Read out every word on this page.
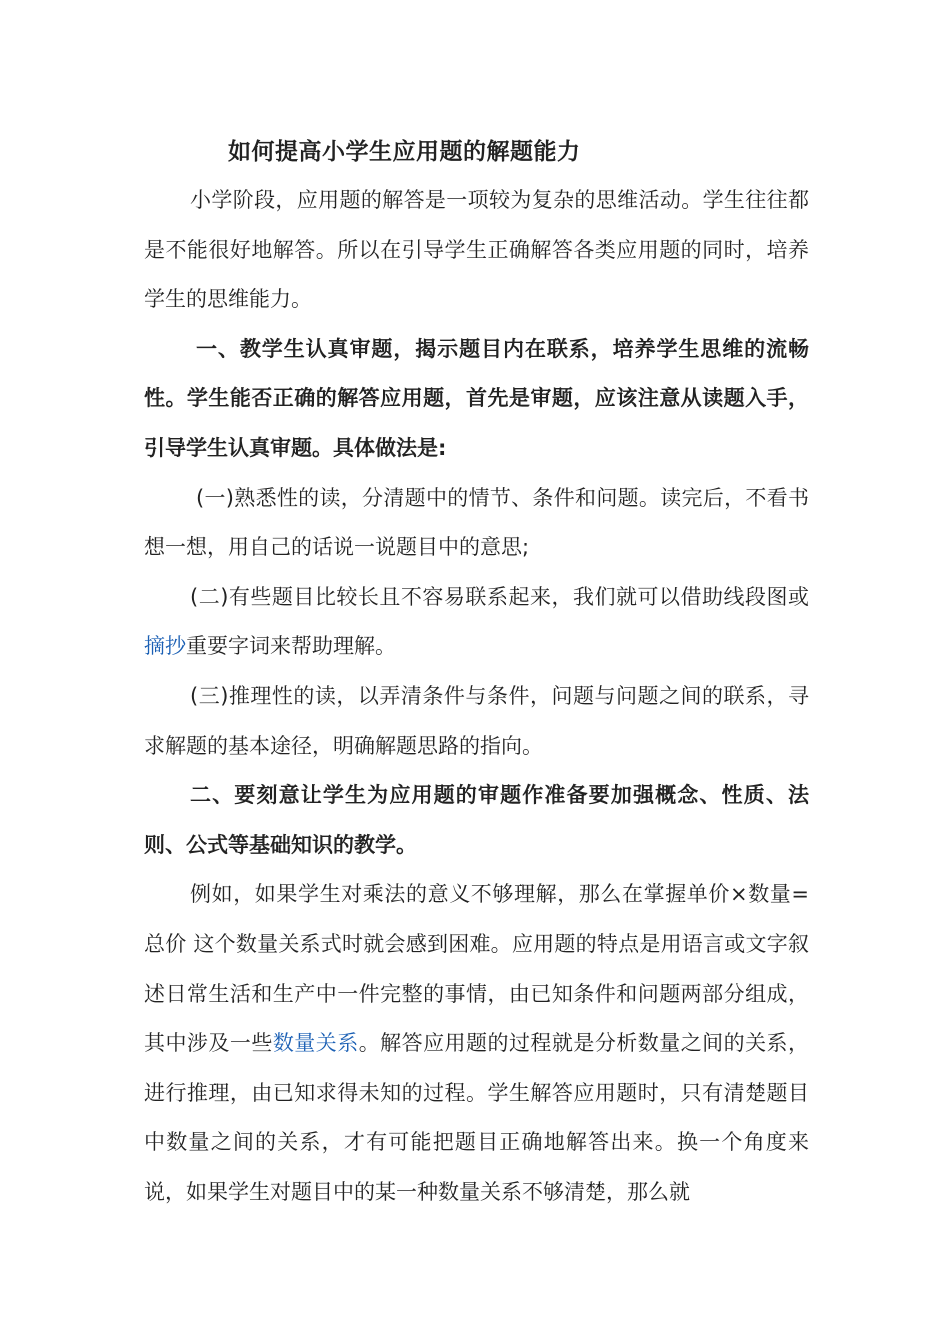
如何提高小学生应用题的解题能力

小学阶段，应用题的解答是一项较为复杂的思维活动。学生往往都是不能很好地解答。所以在引导学生正确解答各类应用题的同时，培养学生的思维能力。

一、教学生认真审题，揭示题目内在联系，培养学生思维的流畅性。学生能否正确的解答应用题，首先是审题，应该注意从读题入手，引导学生认真审题。具体做法是:

(一)熟悉性的读，分清题中的情节、条件和问题。读完后，不看书想一想，用自己的话说一说题目中的意思;

(二)有些题目比较长且不容易联系起来，我们就可以借助线段图或摘抄重要字词来帮助理解。

(三)推理性的读，以弄清条件与条件，问题与问题之间的联系，寻求解题的基本途径，明确解题思路的指向。

二、要刻意让学生为应用题的审题作准备要加强概念、性质、法则、公式等基础知识的教学。

例如，如果学生对乘法的意义不够理解，那么在掌握单价×数量=总价 这个数量关系式时就会感到困难。应用题的特点是用语言或文字叙述日常生活和生产中一件完整的事情，由已知条件和问题两部分组成，其中涉及一些数量关系。解答应用题的过程就是分析数量之间的关系，进行推理，由已知求得未知的过程。学生解答应用题时，只有清楚题目中数量之间的关系，才有可能把题目正确地解答出来。换一个角度来说，如果学生对题目中的某一种数量关系不够清楚，那么就
